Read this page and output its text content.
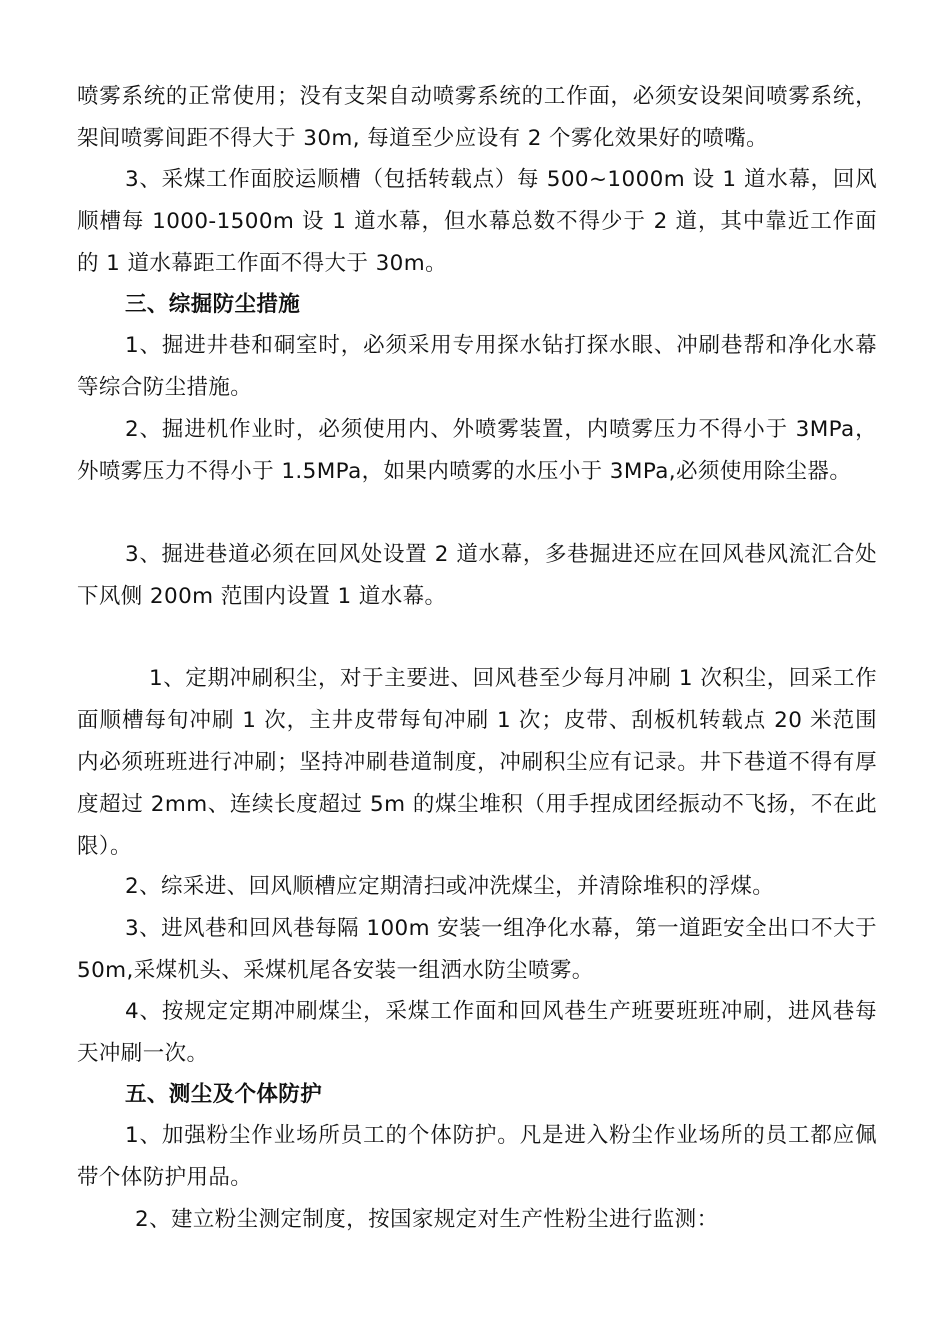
喷雾系统的正常使用；没有支架自动喷雾系统的工作面，必须安设架间喷雾系统，架间喷雾间距不得大于 30m, 每道至少应设有 2 个雾化效果好的喷嘴。
3、采煤工作面胶运顺槽（包括转载点）每 500~1000m 设 1 道水幕，回风顺槽每 1000-1500m 设 1 道水幕，但水幕总数不得少于 2 道，其中靠近工作面的 1 道水幕距工作面不得大于 30m。
三、综掘防尘措施
1、掘进井巷和硐室时，必须采用专用探水钻打探水眼、冲刷巷帮和净化水幕等综合防尘措施。
2、掘进机作业时，必须使用内、外喷雾装置，内喷雾压力不得小于 3MPa，外喷雾压力不得小于 1.5MPa，如果内喷雾的水压小于 3MPa,必须使用除尘器。
3、掘进巷道必须在回风处设置 2 道水幕，多巷掘进还应在回风巷风流汇合处下风侧 200m 范围内设置 1 道水幕。
1、定期冲刷积尘，对于主要进、回风巷至少每月冲刷 1 次积尘，回采工作面顺槽每旬冲刷 1 次，主井皮带每旬冲刷 1 次；皮带、刮板机转载点 20 米范围内必须班班进行冲刷；坚持冲刷巷道制度，冲刷积尘应有记录。井下巷道不得有厚度超过 2mm、连续长度超过 5m 的煤尘堆积（用手捏成团经振动不飞扬，不在此限）。
2、综采进、回风顺槽应定期清扫或冲洗煤尘，并清除堆积的浮煤。
3、进风巷和回风巷每隔 100m 安装一组净化水幕，第一道距安全出口不大于 50m,采煤机头、采煤机尾各安装一组洒水防尘喷雾。
4、按规定定期冲刷煤尘，采煤工作面和回风巷生产班要班班冲刷，进风巷每天冲刷一次。
五、测尘及个体防护
1、加强粉尘作业场所员工的个体防护。凡是进入粉尘作业场所的员工都应佩带个体防护用品。
2、建立粉尘测定制度，按国家规定对生产性粉尘进行监测：
